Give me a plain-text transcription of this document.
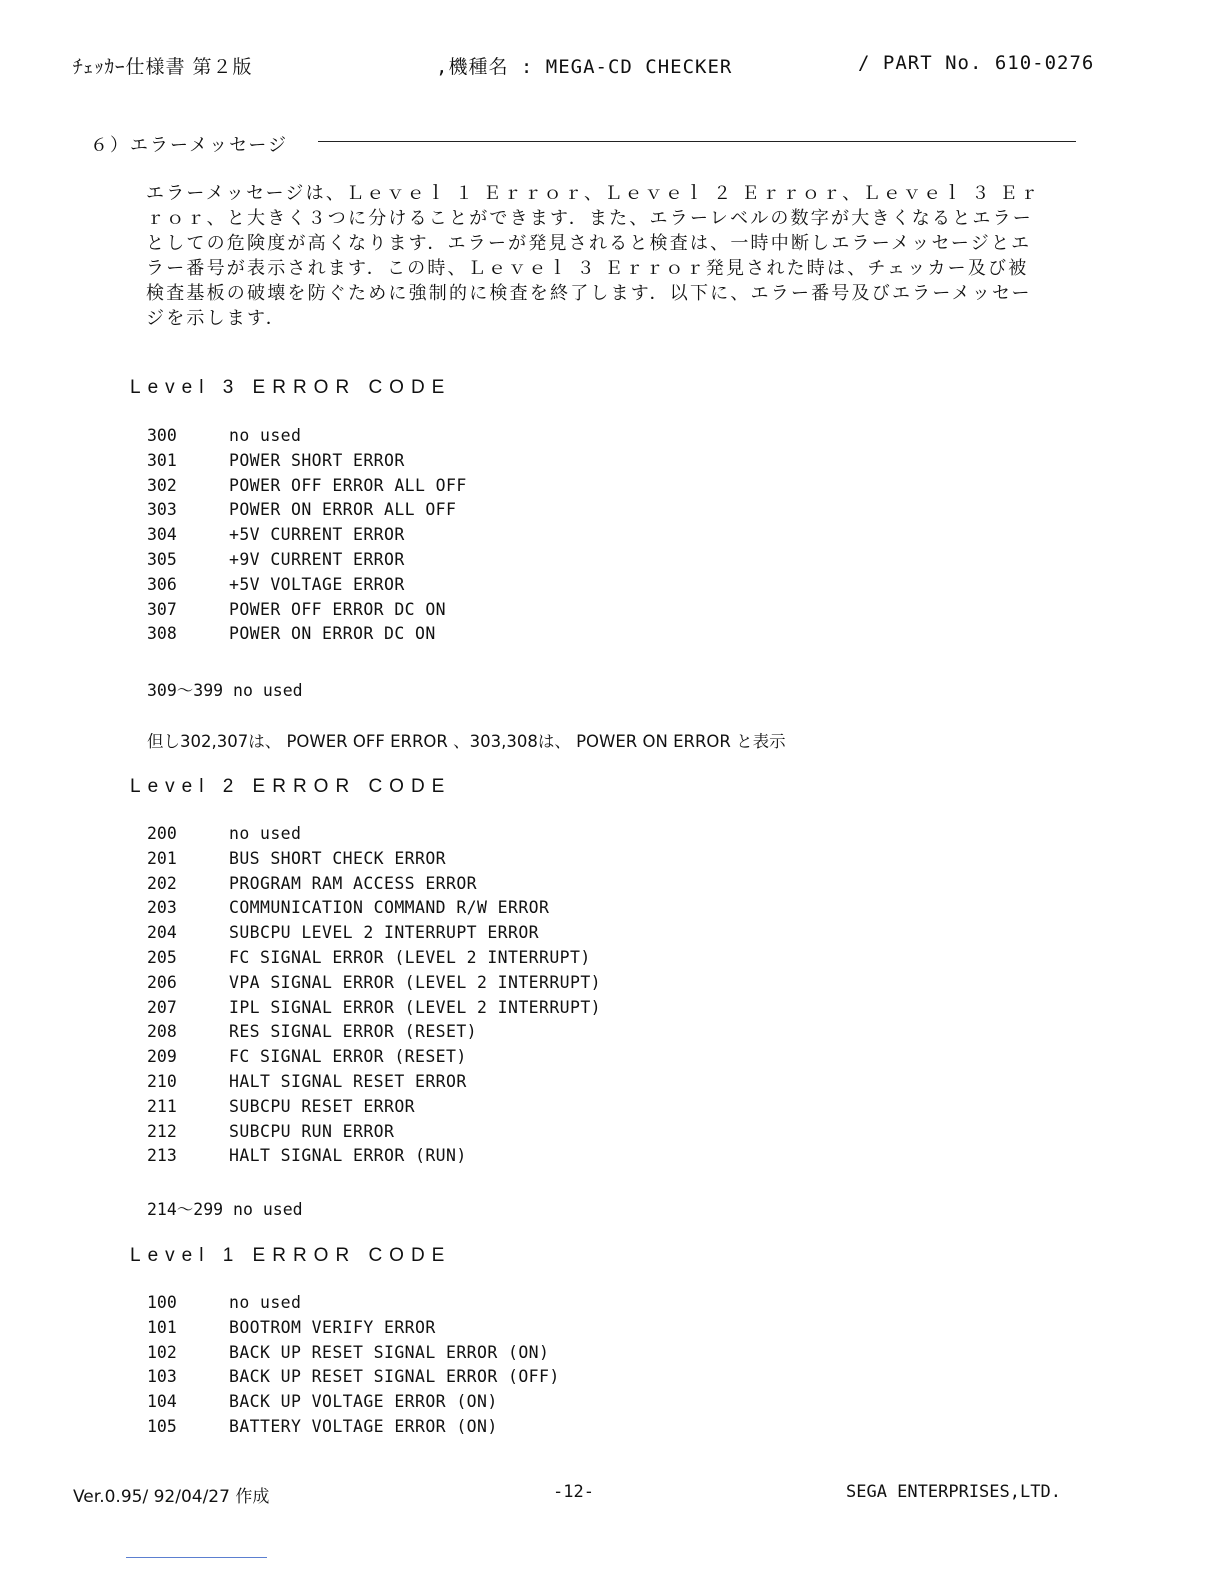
ﾁｪｯｶｰ仕様書 第２版	,機種名 : MEGA-CD CHECKER	/ PART No. 610-0276
６）エラーメッセージ
エラーメッセージは、Ｌｅｖｅｌ １ Ｅｒｒｏｒ、Ｌｅｖｅｌ ２ Ｅｒｒｏｒ、Ｌｅｖｅｌ ３ Ｅｒｒｏｒ、と大きく３つに分けることができます．また、エラーレベルの数字が大きくなるとエラーとしての危険度が高くなります．エラーが発見されると検査は、一時中断しエラーメッセージとエラー番号が表示されます．この時、Ｌｅｖｅｌ ３ Ｅｒｒｏｒ発見された時は、チェッカー及び被検査基板の破壊を防ぐために強制的に検査を終了します．以下に、エラー番号及びエラーメッセージを示します．
Level 3 ERROR CODE
300	no used
301	POWER SHORT ERROR
302	POWER OFF ERROR ALL OFF
303	POWER ON ERROR ALL OFF
304	+5V CURRENT ERROR
305	+9V CURRENT ERROR
306	+5V VOLTAGE ERROR
307	POWER OFF ERROR DC ON
308	POWER ON ERROR DC ON
309～399 no used
但し302,307は、 POWER OFF ERROR 、303,308は、 POWER ON ERROR と表示
Level 2 ERROR CODE
200	no used
201	BUS SHORT CHECK ERROR
202	PROGRAM RAM ACCESS ERROR
203	COMMUNICATION COMMAND R/W ERROR
204	SUBCPU LEVEL 2 INTERRUPT ERROR
205	FC SIGNAL ERROR (LEVEL 2 INTERRUPT)
206	VPA SIGNAL ERROR (LEVEL 2 INTERRUPT)
207	IPL SIGNAL ERROR (LEVEL 2 INTERRUPT)
208	RES SIGNAL ERROR (RESET)
209	FC SIGNAL ERROR (RESET)
210	HALT SIGNAL RESET ERROR
211	SUBCPU RESET ERROR
212	SUBCPU RUN ERROR
213	HALT SIGNAL ERROR (RUN)
214～299 no used
Level 1 ERROR CODE
100	no used
101	BOOTROM VERIFY ERROR
102	BACK UP RESET SIGNAL ERROR (ON)
103	BACK UP RESET SIGNAL ERROR (OFF)
104	BACK UP VOLTAGE ERROR (ON)
105	BATTERY VOLTAGE ERROR (ON)
Ver.0.95/ 92/04/27 作成	-12-	SEGA ENTERPRISES,LTD.
